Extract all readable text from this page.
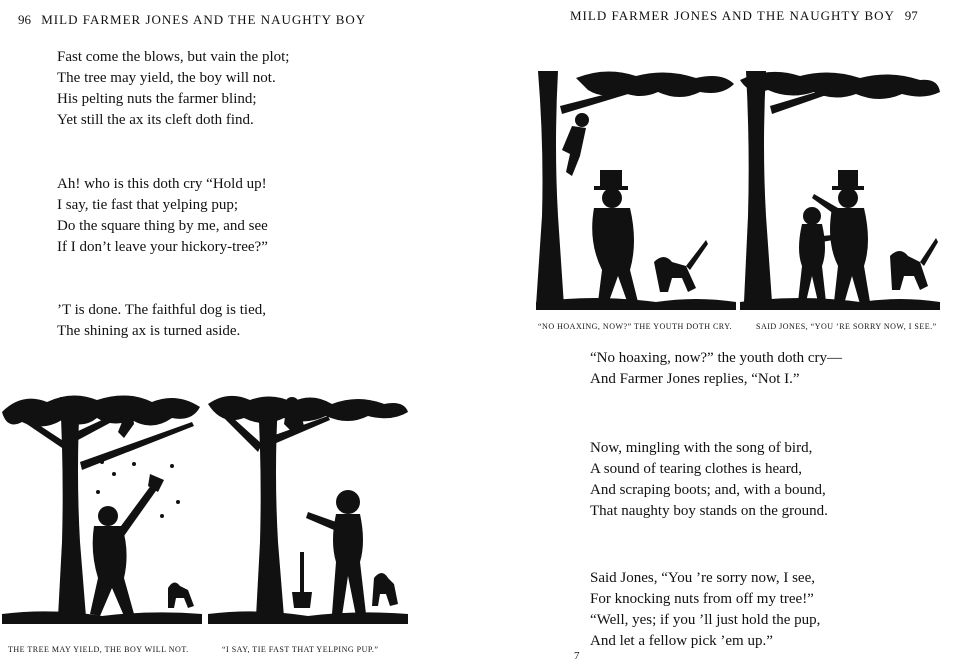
96 MILD FARMER JONES AND THE NAUGHTY BOY
Fast come the blows, but vain the plot;
The tree may yield, the boy will not.
His pelting nuts the farmer blind;
Yet still the ax its cleft doth find.
Ah! who is this doth cry “Hold up!
I say, tie fast that yelping pup;
Do the square thing by me, and see
If I don’t leave your hickory-tree?”
’T is done. The faithful dog is tied,
The shining ax is turned aside.
THE TREE MAY YIELD, THE BOY WILL NOT.	“I SAY, TIE FAST THAT YELPING PUP.”
MILD FARMER JONES AND THE NAUGHTY BOY 97
“NO HOAXING, NOW?” THE YOUTH DOTH CRY.	SAID JONES, “YOU ’RE SORRY NOW, I SEE.”
“No hoaxing, now?” the youth doth cry—
And Farmer Jones replies, “Not I.”
Now, mingling with the song of bird,
A sound of tearing clothes is heard,
And scraping boots; and, with a bound,
That naughty boy stands on the ground.
Said Jones, “You ’re sorry now, I see,
For knocking nuts from off my tree!”
“Well, yes; if you ’ll just hold the pup,
And let a fellow pick ’em up.”
7
